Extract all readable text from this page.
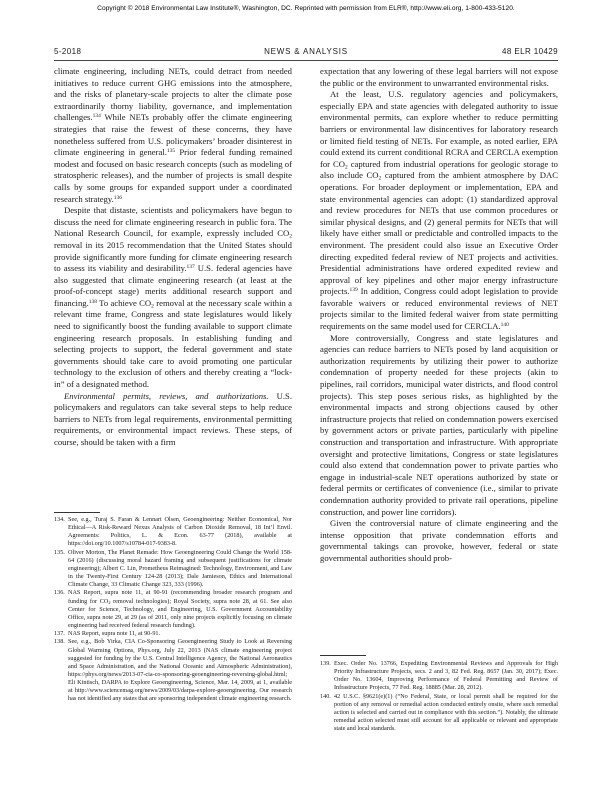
Copyright © 2018 Environmental Law Institute®, Washington, DC. Reprinted with permission from ELR®, http://www.eli.org, 1-800-433-5120.
5-2018	NEWS & ANALYSIS	48 ELR 10429

climate engineering, including NETs, could detract from needed initiatives to reduce current GHG emissions into the atmosphere, and the risks of planetary-scale projects to alter the climate pose extraordinarily thorny liability, governance, and implementation challenges.$^{134}$ While NETs probably offer the climate engineering strategies that raise the fewest of these concerns, they have nonetheless suffered from U.S. policymakers’ broader disinterest in climate engineering in general.$^{135}$ Prior federal funding remained modest and focused on basic research concepts (such as modeling of stratospheric releases), and the number of projects is small despite calls by some groups for expanded support under a coordinated research strategy.$^{136}$

Despite that distaste, scientists and policymakers have begun to discuss the need for climate engineering research in public fora. The National Research Council, for example, expressly included $CO_2$ removal in its 2015 recommendation that the United States should provide significantly more funding for climate engineering research to assess its viability and desirability.$^{137}$ U.S. federal agencies have also suggested that climate engineering research (at least at the proof-of-concept stage) merits additional research support and financing.$^{138}$ To achieve $CO_2$ removal at the necessary scale within a relevant time frame, Congress and state legislatures would likely need to significantly boost the funding available to support climate engineering research proposals. In establishing funding and selecting projects to support, the federal government and state governments should take care to avoid promoting one particular technology to the exclusion of others and thereby creating a “lock-in” of a designated method.

Environmental permits, reviews, and authorizations. U.S. policymakers and regulators can take several steps to help reduce barriers to NETs from legal requirements, environmental permitting requirements, or environmental impact reviews. These steps, of course, should be taken with a firm

expectation that any lowering of these legal barriers will not expose the public or the environment to unwarranted environmental risks.

At the least, U.S. regulatory agencies and policymakers, especially EPA and state agencies with delegated authority to issue environmental permits, can explore whether to reduce permitting barriers or environmental law disincentives for laboratory research or limited field testing of NETs. For example, as noted earlier, EPA could extend its current conditional RCRA and CERCLA exemption for $CO_2$ captured from industrial operations for geologic storage to also include $CO_2$ captured from the ambient atmosphere by DAC operations. For broader deployment or implementation, EPA and state environmental agencies can adopt: (1) standardized approval and review procedures for NETs that use common procedures or similar physical designs, and (2) general permits for NETs that will likely have either small or predictable and controlled impacts to the environment. The president could also issue an Executive Order directing expedited federal review of NET projects and activities. Presidential administrations have ordered expedited review and approval of key pipelines and other major energy infrastructure projects.$^{139}$ In addition, Congress could adopt legislation to provide favorable waivers or reduced environmental reviews of NET projects similar to the limited federal waiver from state permitting requirements on the same model used for CERCLA.$^{140}$

More controversially, Congress and state legislatures and agencies can reduce barriers to NETs posed by land acquisition or authorization requirements by utilizing their power to authorize condemnation of property needed for these projects (akin to pipelines, rail corridors, municipal water districts, and flood control projects). This step poses serious risks, as highlighted by the environmental impacts and strong objections caused by other infrastructure projects that relied on condemnation powers exercised by government actors or private parties, particularly with pipeline construction and transportation and infrastructure. With appropriate oversight and protective limitations, Congress or state legislatures could also extend that condemnation power to private parties who engage in industrial-scale NET operations authorized by state or federal permits or certificates of convenience (i.e., similar to private condemnation authority provided to private rail operations, pipeline construction, and power line corridors).

Given the controversial nature of climate engineering and the intense opposition that private condemnation efforts and governmental takings can provoke, however, federal or state governmental authorities should prob-

134. See, e.g., Turaj S. Faran & Lennart Olsen, Geoengineering: Neither Economical, Nor Ethical—A Risk-Reward Nexus Analysis of Carbon Dioxide Removal, 18 Int’l Envtl. Agreements: Politics, L. & Econ. 63-77 (2018), available at https://doi.org/10.1007/s10784-017-9383-8.
135. Oliver Morton, The Planet Remade: How Geoengineering Could Change the World 158-64 (2016) (discussing moral hazard framing and subsequent justifications for climate engineering); Albert C. Lin, Prometheus Reimagined: Technology, Environment, and Law in the Twenty-First Century 124-28 (2013); Dale Jamieson, Ethics and International Climate Change, 33 Climatic Change 323, 333 (1996).
136. NAS Report, supra note 11, at 90-91 (recommending broader research program and funding for $CO_2$ removal technologies); Royal Society, supra note 28, at 61. See also Center for Science, Technology, and Engineering, U.S. Government Accountability Office, supra note 29, at 29 (as of 2011, only nine projects explicitly focusing on climate engineering had received federal research funding).
137. NAS Report, supra note 11, at 90-91.
138. See, e.g., Bob Yirka, CIA Co-Sponsoring Geoengineering Study to Look at Reversing Global Warming Options, Phys.org, July 22, 2013 (NAS climate engineering project suggested for funding by the U.S. Central Intelligence Agency, the National Aeronautics and Space Administration, and the National Oceanic and Atmospheric Administration), https://phys.org/news/2013-07-cia-co-sponsoring-geoengineering-reversing-global.html; Eli Kintisch, DARPA to Explore Geoengineering, Science, Mar. 14, 2009, at 1, available at http://www.sciencemag.org/news/2009/03/darpa-explore-geoengineering. Our research has not identified any states that are sponsoring independent climate engineering research.
139. Exec. Order No. 13766, Expediting Environmental Reviews and Approvals for High Priority Infrastructure Projects, secs. 2 and 3, 82 Fed. Reg. 8657 (Jan. 30, 2017); Exec. Order No. 13604, Improving Performance of Federal Permitting and Review of Infrastructure Projects, 77 Fed. Reg. 18885 (Mar. 28, 2012).
140. 42 U.S.C. §9621(e)(1) (“No Federal, State, or local permit shall be required for the portion of any removal or remedial action conducted entirely onsite, where such remedial action is selected and carried out in compliance with this section.”). Notably, the ultimate remedial action selected must still account for all applicable or relevant and appropriate state and local standards.
